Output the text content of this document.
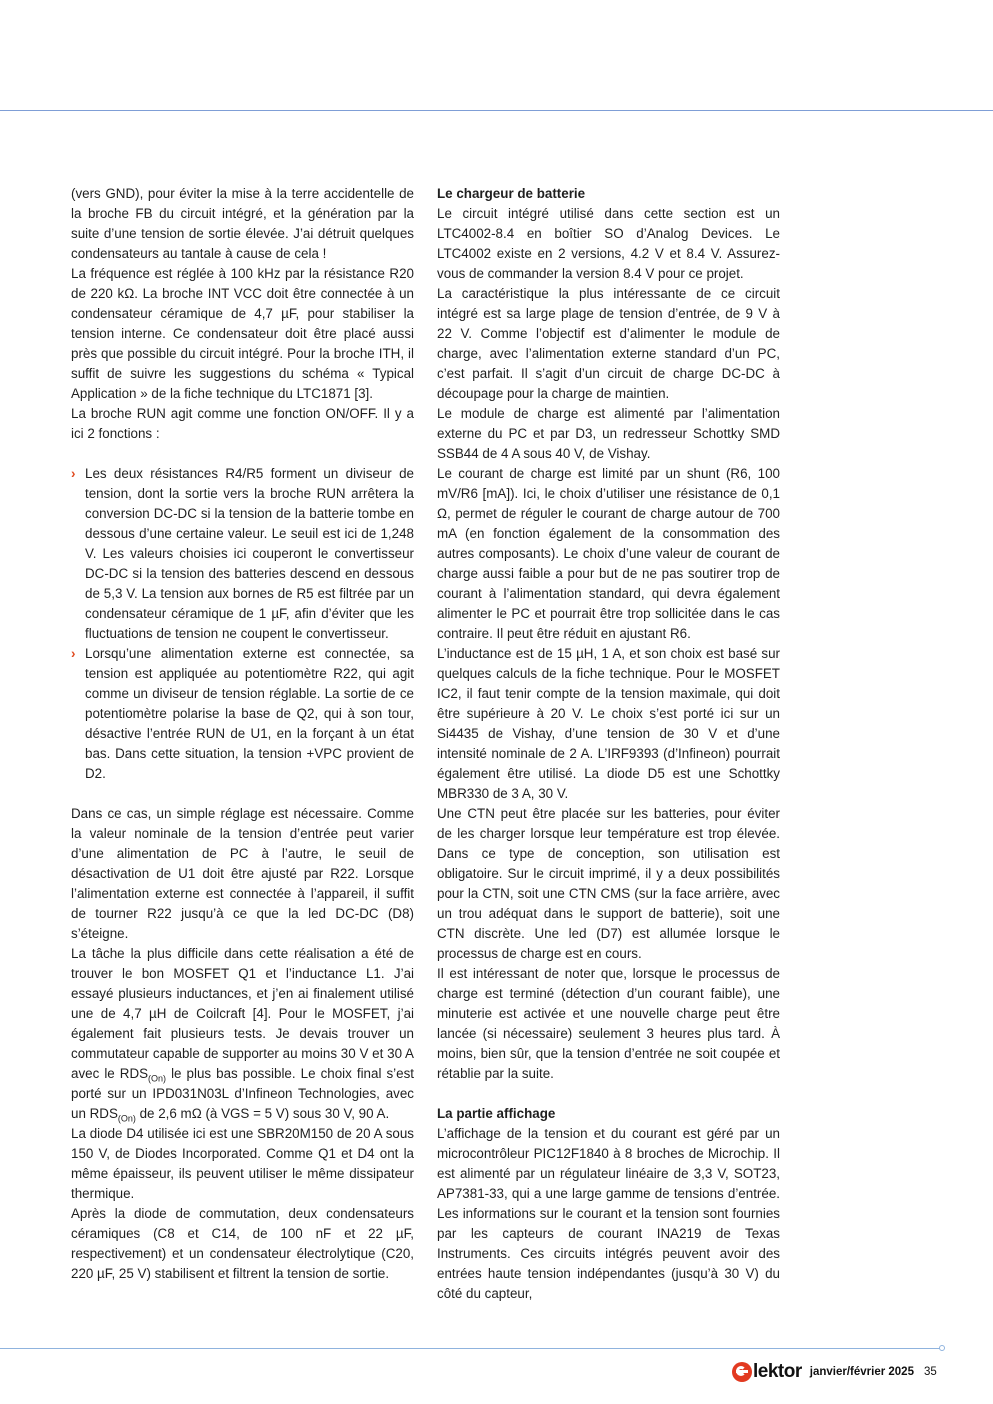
(vers GND), pour éviter la mise à la terre accidentelle de la broche FB du circuit intégré, et la génération par la suite d’une tension de sortie élevée. J’ai détruit quelques condensateurs au tantale à cause de cela !

La fréquence est réglée à 100 kHz par la résistance R20 de 220 kΩ. La broche INT VCC doit être connectée à un condensateur céramique de 4,7 µF, pour stabiliser la tension interne. Ce condensateur doit être placé aussi près que possible du circuit intégré. Pour la broche ITH, il suffit de suivre les suggestions du schéma « Typical Application » de la fiche technique du LTC1871 [3].

La broche RUN agit comme une fonction ON/OFF. Il y a ici 2 fonctions :

› Les deux résistances R4/R5 forment un diviseur de tension, dont la sortie vers la broche RUN arrêtera la conversion DC-DC si la tension de la batterie tombe en dessous d’une certaine valeur. Le seuil est ici de 1,248 V. Les valeurs choisies ici couperont le convertisseur DC-DC si la tension des batteries descend en dessous de 5,3 V. La tension aux bornes de R5 est filtrée par un condensateur céramique de 1 µF, afin d’éviter que les fluctuations de tension ne coupent le convertisseur.
› Lorsqu’une alimentation externe est connectée, sa tension est appliquée au potentiomètre R22, qui agit comme un diviseur de tension réglable. La sortie de ce potentiomètre polarise la base de Q2, qui à son tour, désactive l’entrée RUN de U1, en la forçant à un état bas. Dans cette situation, la tension +VPC provient de D2.

Dans ce cas, un simple réglage est nécessaire. Comme la valeur nominale de la tension d’entrée peut varier d’une alimentation de PC à l’autre, le seuil de désactivation de U1 doit être ajusté par R22. Lorsque l’alimentation externe est connectée à l’appareil, il suffit de tourner R22 jusqu’à ce que la led DC-DC (D8) s’éteigne.

La tâche la plus difficile dans cette réalisation a été de trouver le bon MOSFET Q1 et l’inductance L1. J’ai essayé plusieurs inductances, et j’en ai finalement utilisé une de 4,7 µH de Coilcraft [4]. Pour le MOSFET, j’ai également fait plusieurs tests. Je devais trouver un commutateur capable de supporter au moins 30 V et 30 A avec le $RDS_{(On)}$ le plus bas possible. Le choix final s’est porté sur un IPD031N03L d’Infineon Technologies, avec un $RDS_{(On)}$ de 2,6 mΩ (à VGS = 5 V) sous 30 V, 90 A.

La diode D4 utilisée ici est une SBR20M150 de 20 A sous 150 V, de Diodes Incorporated. Comme Q1 et D4 ont la même épaisseur, ils peuvent utiliser le même dissipateur thermique.

Après la diode de commutation, deux condensateurs céramiques (C8 et C14, de 100 nF et 22 µF, respectivement) et un condensateur électrolytique (C20, 220 µF, 25 V) stabilisent et filtrent la tension de sortie.

Le chargeur de batterie

Le circuit intégré utilisé dans cette section est un LTC4002-8.4 en boîtier SO d’Analog Devices. Le LTC4002 existe en 2 versions, 4.2 V et 8.4 V. Assurez-vous de commander la version 8.4 V pour ce projet.

La caractéristique la plus intéressante de ce circuit intégré est sa large plage de tension d’entrée, de 9 V à 22 V. Comme l’objectif est d’alimenter le module de charge, avec l’alimentation externe standard d’un PC, c’est parfait. Il s’agit d’un circuit de charge DC-DC à découpage pour la charge de maintien.

Le module de charge est alimenté par l’alimentation externe du PC et par D3, un redresseur Schottky SMD SSB44 de 4 A sous 40 V, de Vishay.

Le courant de charge est limité par un shunt (R6, 100 mV/R6 [mA]). Ici, le choix d’utiliser une résistance de 0,1 Ω, permet de réguler le courant de charge autour de 700 mA (en fonction également de la consommation des autres composants). Le choix d’une valeur de courant de charge aussi faible a pour but de ne pas soutirer trop de courant à l’alimentation standard, qui devra également alimenter le PC et pourrait être trop sollicitée dans le cas contraire. Il peut être réduit en ajustant R6.

L’inductance est de 15 µH, 1 A, et son choix est basé sur quelques calculs de la fiche technique. Pour le MOSFET IC2, il faut tenir compte de la tension maximale, qui doit être supérieure à 20 V. Le choix s’est porté ici sur un Si4435 de Vishay, d’une tension de 30 V et d’une intensité nominale de 2 A. L’IRF9393 (d’Infineon) pourrait également être utilisé. La diode D5 est une Schottky MBR330 de 3 A, 30 V.

Une CTN peut être placée sur les batteries, pour éviter de les charger lorsque leur température est trop élevée. Dans ce type de conception, son utilisation est obligatoire. Sur le circuit imprimé, il y a deux possibilités pour la CTN, soit une CTN CMS (sur la face arrière, avec un trou adéquat dans le support de batterie), soit une CTN discrète. Une led (D7) est allumée lorsque le processus de charge est en cours.

Il est intéressant de noter que, lorsque le processus de charge est terminé (détection d’un courant faible), une minuterie est activée et une nouvelle charge peut être lancée (si nécessaire) seulement 3 heures plus tard. À moins, bien sûr, que la tension d’entrée ne soit coupée et rétablie par la suite.

La partie affichage

L’affichage de la tension et du courant est géré par un microcontrôleur PIC12F1840 à 8 broches de Microchip. Il est alimenté par un régulateur linéaire de 3,3 V, SOT23, AP7381-33, qui a une large gamme de tensions d’entrée. Les informations sur le courant et la tension sont fournies par les capteurs de courant INA219 de Texas Instruments. Ces circuits intégrés peuvent avoir des entrées haute tension indépendantes (jusqu’à 30 V) du côté du capteur,

lektor janvier/février 2025 35
